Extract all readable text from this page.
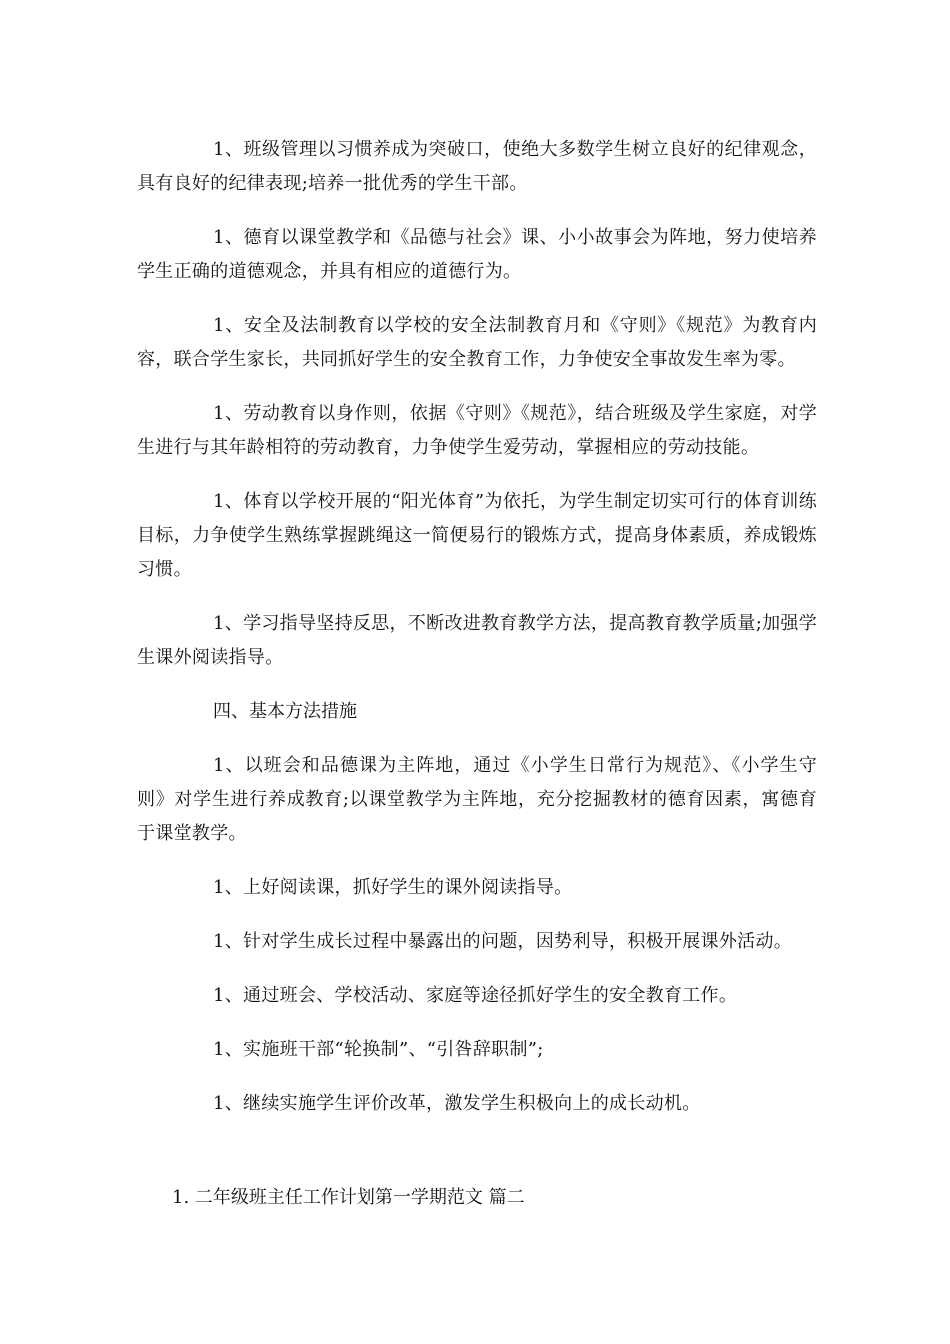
1、班级管理以习惯养成为突破口，使绝大多数学生树立良好的纪律观念，具有良好的纪律表现;培养一批优秀的学生干部。

1、德育以课堂教学和《品德与社会》课、小小故事会为阵地，努力使培养学生正确的道德观念，并具有相应的道德行为。

1、安全及法制教育以学校的安全法制教育月和《守则》《规范》为教育内容，联合学生家长，共同抓好学生的安全教育工作，力争使安全事故发生率为零。

1、劳动教育以身作则，依据《守则》《规范》，结合班级及学生家庭，对学生进行与其年龄相符的劳动教育，力争使学生爱劳动，掌握相应的劳动技能。

1、体育以学校开展的“阳光体育”为依托，为学生制定切实可行的体育训练目标，力争使学生熟练掌握跳绳这一简便易行的锻炼方式，提高身体素质，养成锻炼习惯。

1、学习指导坚持反思，不断改进教育教学方法，提高教育教学质量;加强学生课外阅读指导。

四、基本方法措施

1、以班会和品德课为主阵地，通过《小学生日常行为规范》、《小学生守则》对学生进行养成教育;以课堂教学为主阵地，充分挖掘教材的德育因素，寓德育于课堂教学。

1、上好阅读课，抓好学生的课外阅读指导。

1、针对学生成长过程中暴露出的问题，因势利导，积极开展课外活动。

1、通过班会、学校活动、家庭等途径抓好学生的安全教育工作。

1、实施班干部“轮换制”、“引咎辞职制”;

1、继续实施学生评价改革，激发学生积极向上的成长动机。

1. 二年级班主任工作计划第一学期范文 篇二
